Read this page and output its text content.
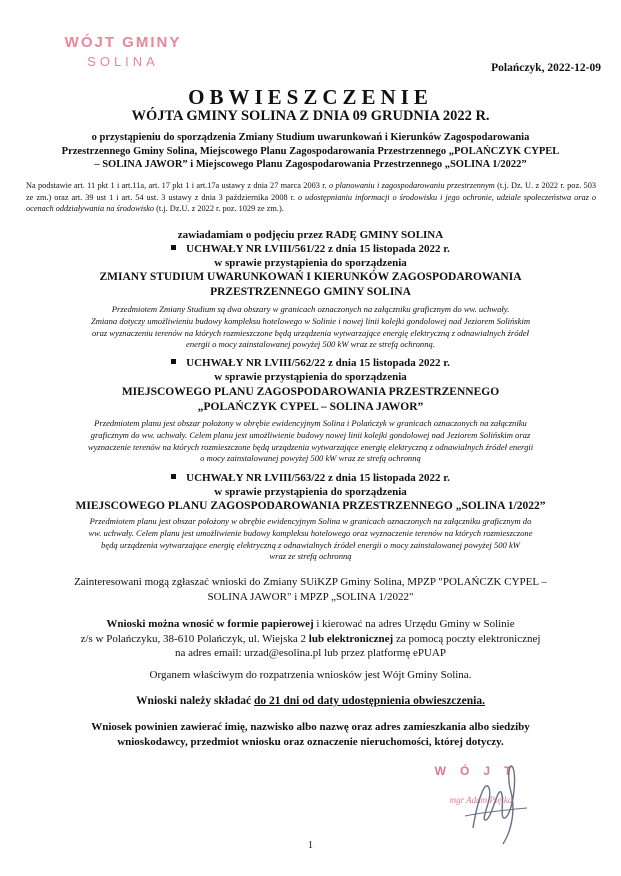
WÓJT GMINY
SOLINA	Polańczyk, 2022-12-09
OBWIESZCZENIE
WÓJTA GMINY SOLINA Z DNIA 09 GRUDNIA 2022 R.
o przystąpieniu do sporządzenia Zmiany Studium uwarunkowań i Kierunków Zagospodarowania
Przestrzennego Gminy Solina, Miejscowego Planu Zagospodarowania Przestrzennego „POLAŃCZYK CYPEL
– SOLINA JAWOR” i Miejscowego Planu Zagospodarowania Przestrzennego „SOLINA 1/2022”
Na podstawie art. 11 pkt 1 i art.11a, art. 17 pkt 1 i art.17a ustawy z dnia 27 marca 2003 r. o planowaniu i zagospodarowaniu przestrzennym (t.j. Dz. U. z 2022 r. poz. 503 ze zm.) oraz art. 39 ust 1 i art. 54 ust. 3 ustawy z dnia 3 października 2008 r. o udostępnianiu informacji o środowisku i jego ochronie, udziale społeczeństwa oraz o ocenach oddziaływania na środowisko (t.j. Dz.U. z 2022 r. poz. 1029 ze zm.).
zawiadamiam o podjęciu przez RADĘ GMINY SOLINA
UCHWAŁY NR LVIII/561/22 z dnia 15 listopada 2022 r.
w sprawie przystąpienia do sporządzenia
ZMIANY STUDIUM UWARUNKOWAŃ I KIERUNKÓW ZAGOSPODAROWANIA
PRZESTRZENNEGO GMINY SOLINA
Przedmiotem Zmiany Studium są dwa obszary w granicach oznaczonych na załączniku graficznym do ww. uchwały.
Zmiana dotyczy umożliwieniu budowy kompleksu hotelowego w Solinie i nowej linii kolejki gondolowej nad Jeziorem Solińskim
oraz wyznaczeniu terenów na których rozmieszczone będą urządzenia wytwarzające energię elektryczną z odnawialnych źródeł
energii o mocy zainstalowanej powyżej 500 kW wraz ze strefą ochronną.
UCHWAŁY NR LVIII/562/22 z dnia 15 listopada 2022 r.
w sprawie przystąpienia do sporządzenia
MIEJSCOWEGO PLANU ZAGOSPODAROWANIA PRZESTRZENNEGO
„POLAŃCZYK CYPEL – SOLINA JAWOR”
Przedmiotem planu jest obszar położony w obrębie ewidencyjnym Solina i Polańczyk w granicach oznaczonych na załączniku
graficznym do ww. uchwały. Celem planu jest umożliwienie budowy nowej linii kolejki gondolowej nad Jeziorem Solińskim oraz
wyznaczenie terenów na których rozmieszczone będą urządzenia wytwarzające energię elektryczną z odnawialnych źródeł energii
o mocy zainstalowanej powyżej 500 kW wraz ze strefą ochronną
UCHWAŁY NR LVIII/563/22 z dnia 15 listopada 2022 r.
w sprawie przystąpienia do sporządzenia
MIEJSCOWEGO PLANU ZAGOSPODAROWANIA PRZESTRZENNEGO „SOLINA 1/2022”
Przedmiotem planu jest obszar położony w obrębie ewidencyjnym Solina w granicach oznaczonych na załączniku graficznym do
ww. uchwały. Celem planu jest umożliwienie budowy kompleksu hotelowego oraz wyznaczenie terenów na których rozmieszczone
będą urządzenia wytwarzające energię elektryczną z odnawialnych źródeł energii o mocy zainstalowanej powyżej 500 kW
wraz ze strefą ochronną
Zainteresowani mogą zgłaszać wnioski do Zmiany SUiKZP Gminy Solina, MPZP "POLAŃCZK CYPEL –
SOLINA JAWOR" i MPZP „SOLINA 1/2022"
Wnioski można wnosić w formie papierowej i kierować na adres Urzędu Gminy w Solinie
z/s w Polańczyku, 38-610 Polańczyk, ul. Wiejska 2 lub elektronicznej za pomocą poczty elektronicznej
na adres email: urzad@esolina.pl lub przez platformę ePUAP
Organem właściwym do rozpatrzenia wniosków jest Wójt Gminy Solina.
Wnioski należy składać do 21 dni od daty udostępnienia obwieszczenia.
Wniosek powinien zawierać imię, nazwisko albo nazwę oraz adres zamieszkania albo siedziby
wnioskodawcy, przedmiot wniosku oraz oznaczenie nieruchomości, której dotyczy.
WÓJT
mgr Adam Piętka
1
